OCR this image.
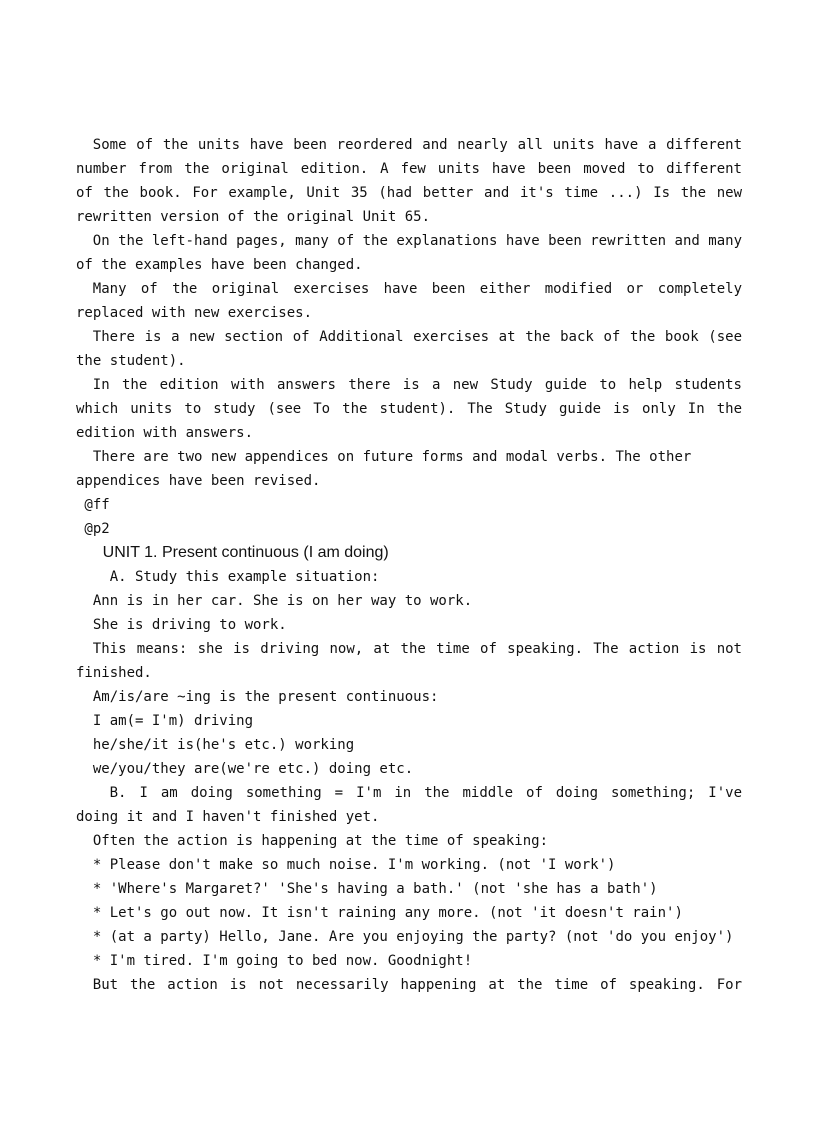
Some of the units have been reordered and nearly all units have a different

number from the original edition. A few units have been moved to different

of the book. For example, Unit 35 (had better and it's time ...) Is the new

rewritten version of the original Unit 65.

On the left-hand pages, many of the explanations have been rewritten and many

of the examples have been changed.

Many of the original exercises have been either modified or completely

replaced with new exercises.

There is a new section of Additional exercises at the back of the book (see

the student).

In the edition with answers there is a new Study guide to help students

which units to study (see To the student). The Study guide is only In the

edition with answers.

There are two new appendices on future forms and modal verbs. The other

appendices have been revised.

@ff

@p2

UNIT 1. Present continuous (I am doing)

A. Study this example situation:

Ann is in her car. She is on her way to work.

She is driving to work.

This means: she is driving now, at the time of speaking. The action is not

finished.

Am/is/are ~ing is the present continuous:

I am(= I'm) driving

he/she/it is(he's etc.) working

we/you/they are(we're etc.) doing etc.

B. I am doing something = I'm in the middle of doing something; I've

doing it and I haven't finished yet.

Often the action is happening at the time of speaking:

* Please don't make so much noise. I'm working. (not 'I work')

* 'Where's Margaret?' 'She's having a bath.' (not 'she has a bath')

* Let's go out now. It isn't raining any more. (not 'it doesn't rain')

* (at a party) Hello, Jane. Are you enjoying the party? (not 'do you enjoy')

* I'm tired. I'm going to bed now. Goodnight!

But the action is not necessarily happening at the time of speaking. For
